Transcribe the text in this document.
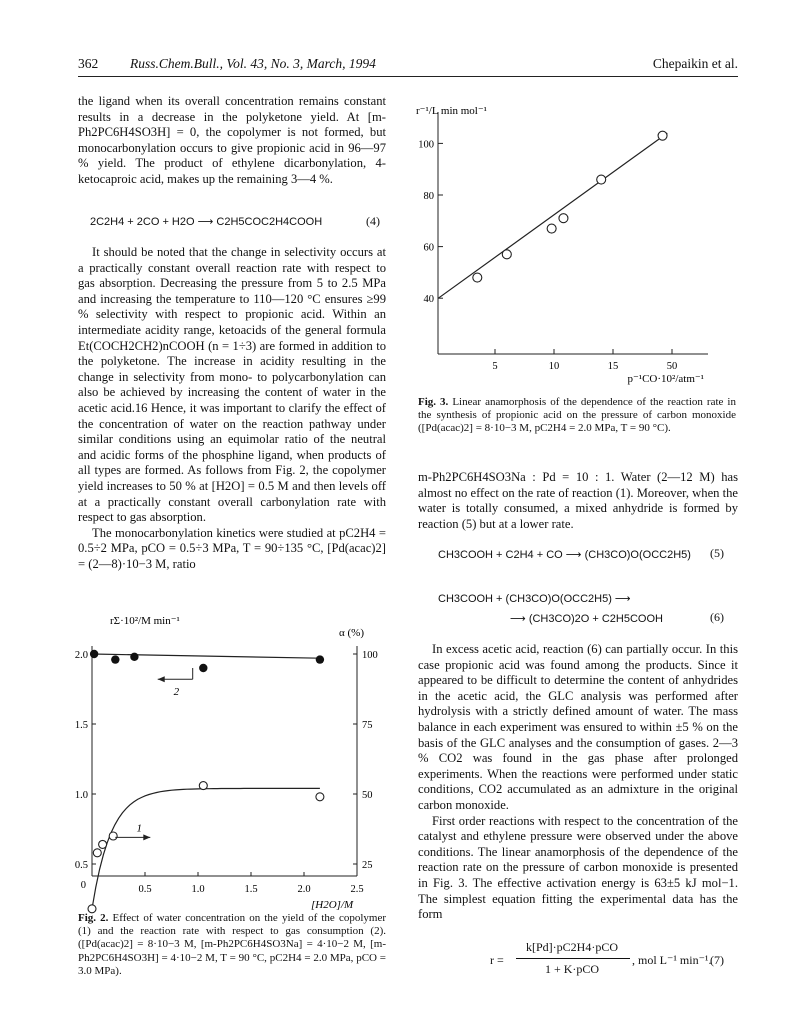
362 Russ.Chem.Bull., Vol. 43, No. 3, March, 1994	Chepaikin et al.

the ligand when its overall concentration remains constant results in a decrease in the polyketone yield. At [m-Ph2PC6H4SO3H] = 0, the copolymer is not formed, but monocarbonylation occurs to give propionic acid in 96—97 % yield. The product of ethylene dicarbonylation, 4-ketocaproic acid, makes up the remaining 3—4 %.

2C2H4 + 2CO + H2O ⟶ C2H5COC2H4COOH	(4)

It should be noted that the change in selectivity occurs at a practically constant overall reaction rate with respect to gas absorption. Decreasing the pressure from 5 to 2.5 MPa and increasing the temperature to 110—120 °C ensures ≥99 % selectivity with respect to propionic acid. Within an intermediate acidity range, ketoacids of the general formula Et(COCH2CH2)nCOOH (n = 1÷3) are formed in addition to the polyketone. The increase in acidity resulting in the change in selectivity from mono- to polycarbonylation can also be achieved by increasing the content of water in the acetic acid.16 Hence, it was important to clarify the effect of the concentration of water on the reaction pathway under similar conditions using an equimolar ratio of the neutral and acidic forms of the phosphine ligand, when products of all types are formed. As follows from Fig. 2, the copolymer yield increases to 50 % at [H2O] = 0.5 M and then levels off at a practically constant overall carbonylation rate with respect to gas absorption.

The monocarbonylation kinetics were studied at pC2H4 = 0.5÷2 MPa, pCO = 0.5÷3 MPa, T = 90÷135 °C, [Pd(acac)2] = (2—8)·10−3 M, ratio

rΣ·10²/M min⁻¹
α (%)
[H2O]/M
0	0.5	1.0	1.5	2.0	2.5
0.5
1.0
1.5
2.0
25
50
75
100
2
1
Fig. 2. Effect of water concentration on the yield of the copolymer (1) and the reaction rate with respect to gas consumption (2). ([Pd(acac)2] = 8·10−3 M, [m-Ph2PC6H4SO3Na] = 4·10−2 M, [m-Ph2PC6H4SO3H] = 4·10−2 M, T = 90 °C, pC2H4 = 2.0 MPa, pCO = 3.0 MPa).
r⁻¹/L min mol⁻¹
p⁻¹CO·10²/atm⁻¹
40
60
80
100
5	10	15	50
Fig. 3. Linear anamorphosis of the dependence of the reaction rate in the synthesis of propionic acid on the pressure of carbon monoxide ([Pd(acac)2] = 8·10−3 M, pC2H4 = 2.0 MPa, T = 90 °C).

m-Ph2PC6H4SO3Na : Pd = 10 : 1. Water (2—12 M) has almost no effect on the rate of reaction (1). Moreover, when the water is totally consumed, a mixed anhydride is formed by reaction (5) but at a lower rate.

CH3COOH + C2H4 + CO ⟶ (CH3CO)O(OCC2H5) (5)
CH3COOH + (CH3CO)O(OCC2H5) ⟶
⟶ (CH3CO)2O + C2H5COOH	(6)

In excess acetic acid, reaction (6) can partially occur. In this case propionic acid was found among the products. Since it appeared to be difficult to determine the content of anhydrides in the acetic acid, the GLC analysis was performed after hydrolysis with a strictly defined amount of water. The mass balance in each experiment was ensured to within ±5 % on the basis of the GLC analyses and the consumption of gases. 2—3 % CO2 was found in the gas phase after prolonged experiments. When the reactions were performed under static conditions, CO2 accumulated as an admixture in the original carbon monoxide.

First order reactions with respect to the concentration of the catalyst and ethylene pressure were observed under the above conditions. The linear anamorphosis of the dependence of the reaction rate on the pressure of carbon monoxide is presented in Fig. 3. The effective activation energy is 63±5 kJ mol−1. The simplest equation fitting the experimental data has the form

r =
k[Pd]·pC2H4·pCO
1 + K·pCO
, mol L⁻¹ min⁻¹.
(7)
